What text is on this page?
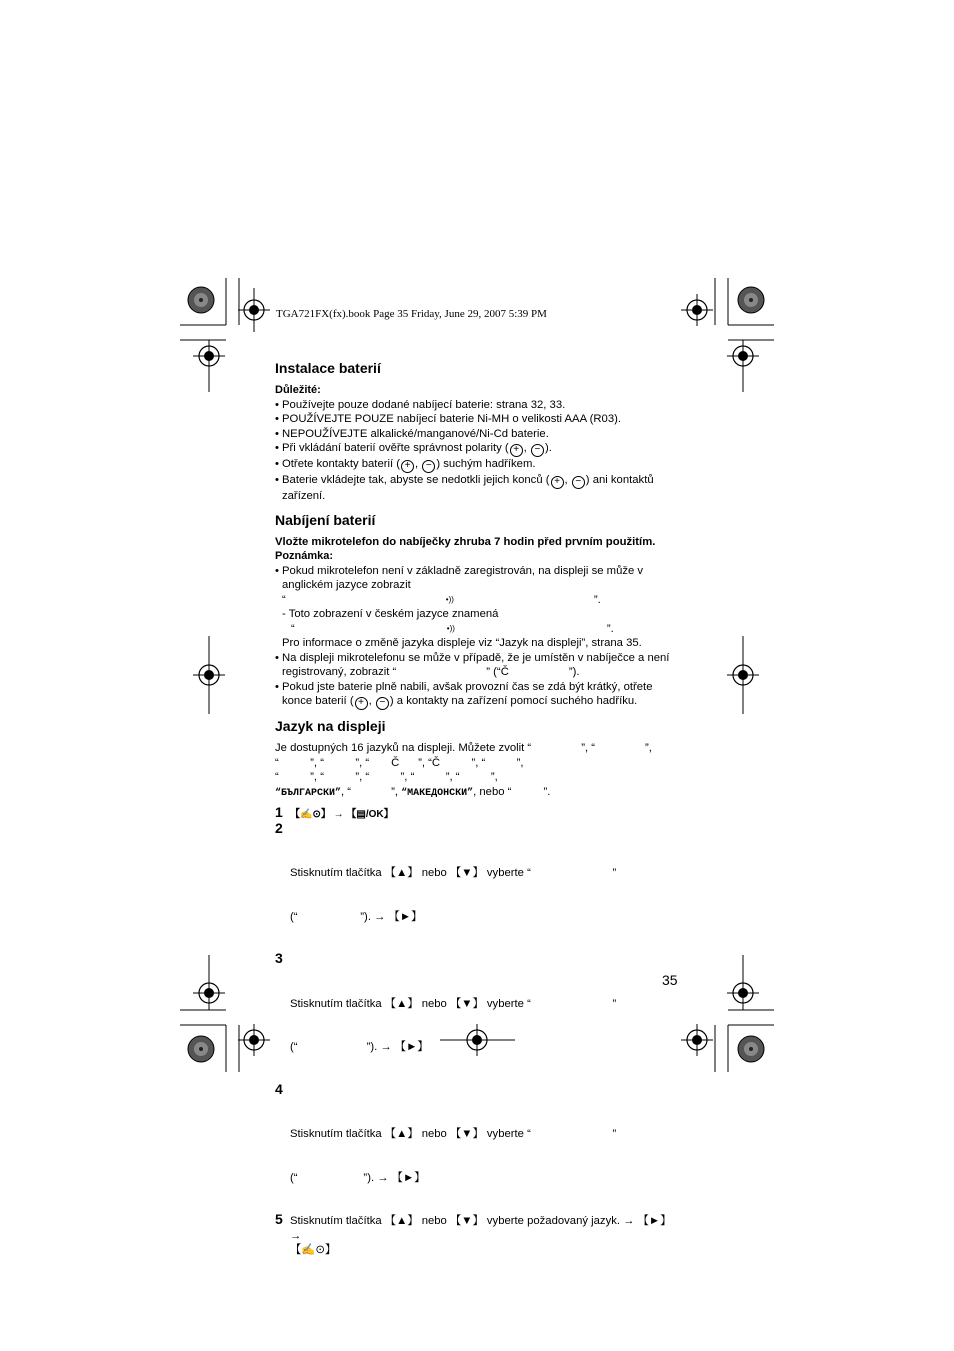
TGA721FX(fx).book Page 35 Friday, June 29, 2007 5:39 PM
Instalace baterií
Důležité:
• Používejte pouze dodané nabíjecí baterie: strana 32, 33.
• POUŽÍVEJTE POUZE nabíjecí baterie Ni-MH o velikosti AAA (R03).
• NEPOUŽÍVEJTE alkalické/manganové/Ni-Cd baterie.
• Při vkládání baterií ověřte správnost polarity ( + , − ).
• Otřete kontakty baterií ( + , − ) suchým hadříkem.
• Baterie vkládejte tak, abyste se nedotkli jejich konců ( + , − ) ani kontaktů zařízení.
Nabíjení baterií
Vložte mikrotelefon do nabíječky zhruba 7 hodin před prvním použitím.
Poznámka:
• Pokud mikrotelefon není v základně zaregistrován, na displeji se může v anglickém jazyce zobrazit
“	•))	”.
- Toto zobrazení v českém jazyce znamená
“	•))	”.
Pro informace o změně jazyka displeje viz “Jazyk na displeji”, strana 35.
• Na displeji mikrotelefonu se může v případě, že je umístěn v nabíječce a není registrovaný, zobrazit “	” (“Č	”).
• Pokud jste baterie plně nabili, avšak provozní čas se zdá být krátký, otřete konce baterií ( + , − ) a kontakty na zařízení pomocí suchého hadříku.
Jazyk na displeji
Je dostupných 16 jazyků na displeji. Můžete zvolit “	”, “	”,
“          ”, “          ”, “       Č      ”, “Č          ”, “          ”,
“          ”, “          ”, “          ”, “          ”, “          ”,
“БЪЛГАРСКИ”, “	”, “МАКЕДОНСКИ”, nebo “	”.
1 【✍⊙】 → 【▤/OK】

2

Stisknutím tlačítka 【▲】 nebo 【▼】 vyberte “                          ”

(“                    ”). → 【►】

3

Stisknutím tlačítka 【▲】 nebo 【▼】 vyberte “                          ”

(“                      ”). → 【►】

4

Stisknutím tlačítka 【▲】 nebo 【▼】 vyberte “                          ”

(“                     ”). → 【►】

5 Stisknutím tlačítka 【▲】 nebo 【▼】 vyberte požadovaný jazyk. → 【►】 →
【✍⊙】
35
